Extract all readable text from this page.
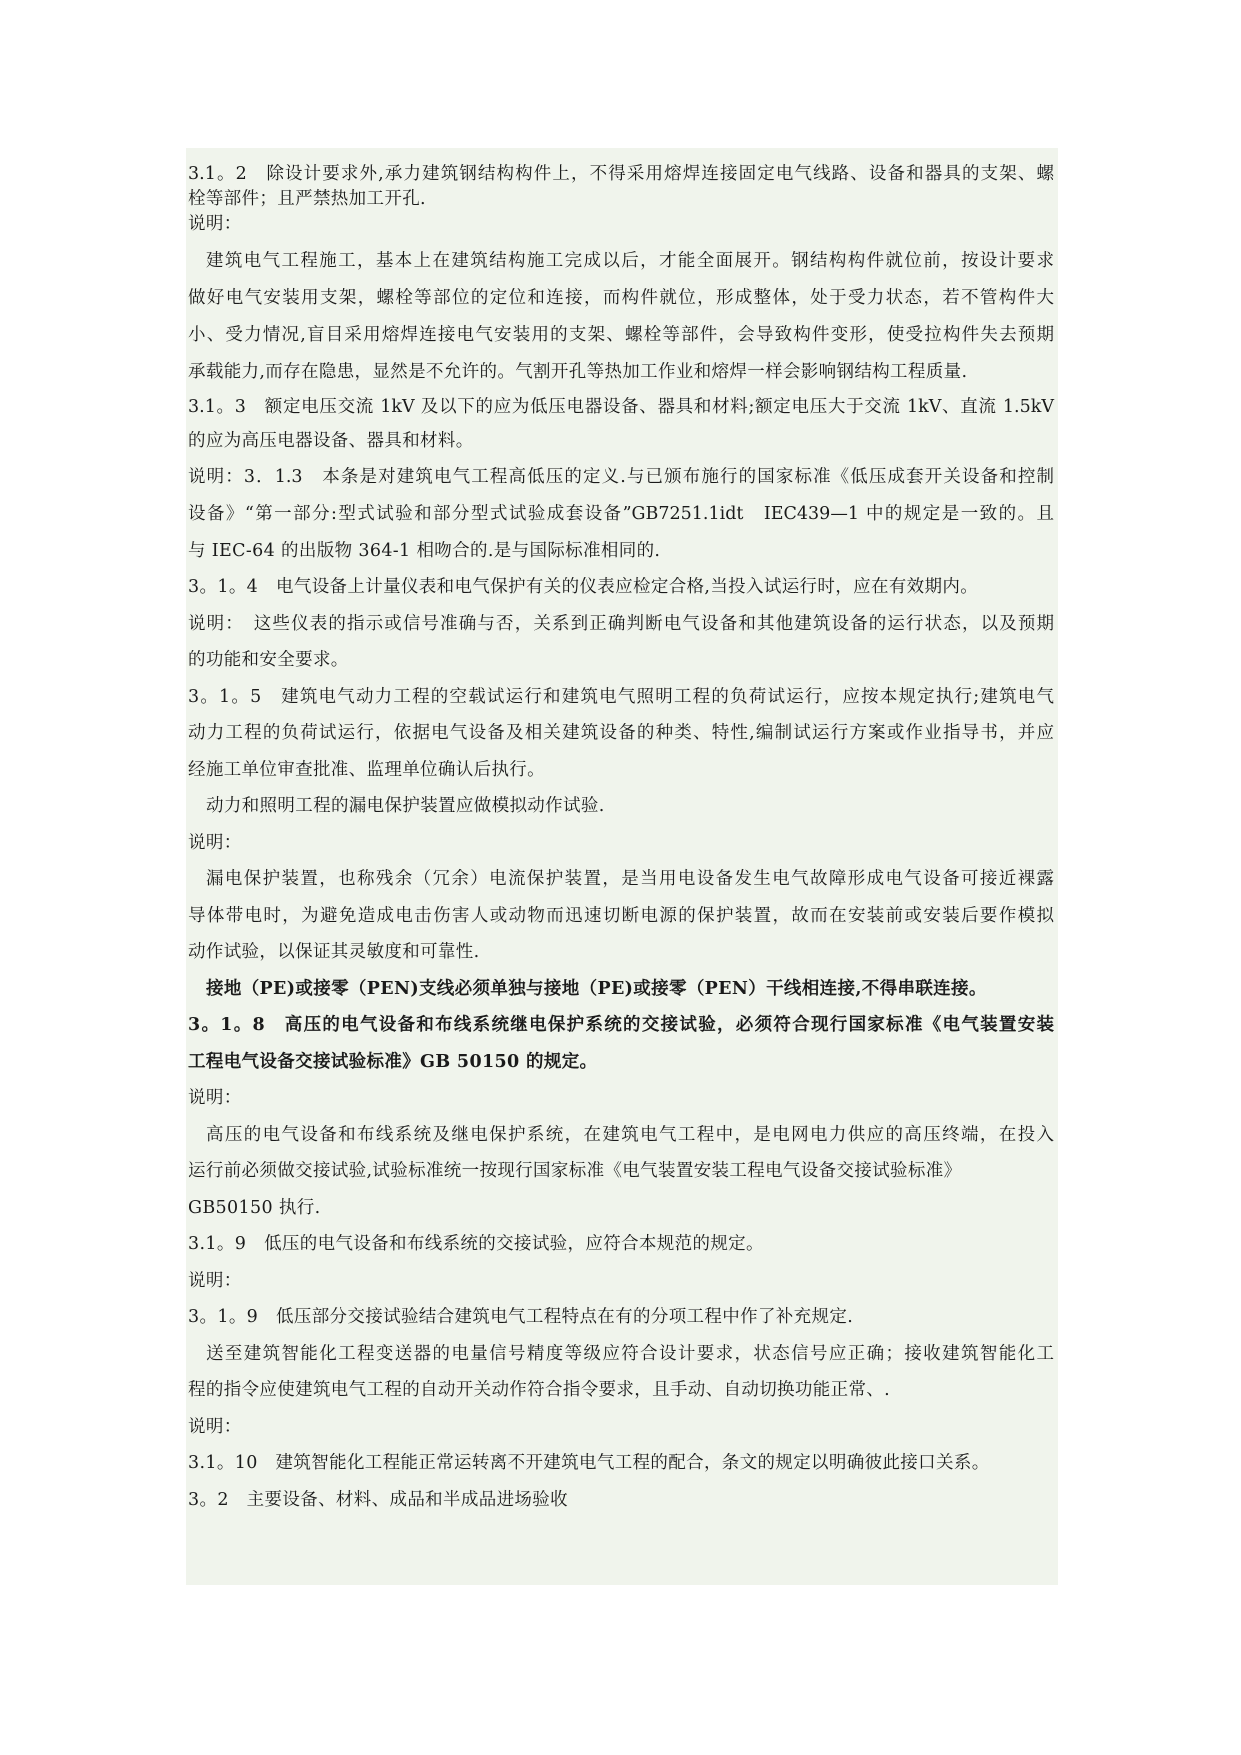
3.1。2　除设计要求外,承力建筑钢结构构件上，不得采用熔焊连接固定电气线路、设备和器具的支架、螺
栓等部件；且严禁热加工开孔.
说明：
建筑电气工程施工，基本上在建筑结构施工完成以后，才能全面展开。钢结构构件就位前，按设计要求
做好电气安装用支架，螺栓等部位的定位和连接，而构件就位，形成整体，处于受力状态，若不管构件大
小、受力情况,盲目采用熔焊连接电气安装用的支架、螺栓等部件，会导致构件变形，使受拉构件失去预期
承载能力,而存在隐患，显然是不允许的。气割开孔等热加工作业和熔焊一样会影响钢结构工程质量.
3.1。3　额定电压交流 1kV 及以下的应为低压电器设备、器具和材料;额定电压大于交流 1kV、直流 1.5kV
的应为高压电器设备、器具和材料。
说明：3．1.3　本条是对建筑电气工程高低压的定义.与已颁布施行的国家标准《低压成套开关设备和控制
设备》“第一部分:型式试验和部分型式试验成套设备”GB7251.1idt　IEC439—1 中的规定是一致的。且
与 IEC-64 的出版物 364-1 相吻合的.是与国际标准相同的.
3。1。4　电气设备上计量仪表和电气保护有关的仪表应检定合格,当投入试运行时，应在有效期内。
说明：　这些仪表的指示或信号准确与否，关系到正确判断电气设备和其他建筑设备的运行状态，以及预期
的功能和安全要求。
3。1。5　建筑电气动力工程的空载试运行和建筑电气照明工程的负荷试运行，应按本规定执行;建筑电气
动力工程的负荷试运行，依据电气设备及相关建筑设备的种类、特性,编制试运行方案或作业指导书，并应
经施工单位审查批准、监理单位确认后执行。
动力和照明工程的漏电保护装置应做模拟动作试验.
说明：
漏电保护装置，也称残余（冗余）电流保护装置，是当用电设备发生电气故障形成电气设备可接近裸露
导体带电时，为避免造成电击伤害人或动物而迅速切断电源的保护装置，故而在安装前或安装后要作模拟
动作试验，以保证其灵敏度和可靠性.
接地（PE)或接零（PEN)支线必须单独与接地（PE)或接零（PEN）干线相连接,不得串联连接。
3。1。8　高压的电气设备和布线系统继电保护系统的交接试验，必须符合现行国家标准《电气装置安装
工程电气设备交接试验标准》GB 50150 的规定。
说明：
高压的电气设备和布线系统及继电保护系统，在建筑电气工程中，是电网电力供应的高压终端，在投入
运行前必须做交接试验,试验标准统一按现行国家标准《电气装置安装工程电气设备交接试验标准》
GB50150 执行.
3.1。9　低压的电气设备和布线系统的交接试验，应符合本规范的规定。
说明：
3。1。9　低压部分交接试验结合建筑电气工程特点在有的分项工程中作了补充规定.
送至建筑智能化工程变送器的电量信号精度等级应符合设计要求，状态信号应正确；接收建筑智能化工
程的指令应使建筑电气工程的自动开关动作符合指令要求，且手动、自动切换功能正常、.
说明：
3.1。10　建筑智能化工程能正常运转离不开建筑电气工程的配合，条文的规定以明确彼此接口关系。
3。2　主要设备、材料、成品和半成品进场验收
